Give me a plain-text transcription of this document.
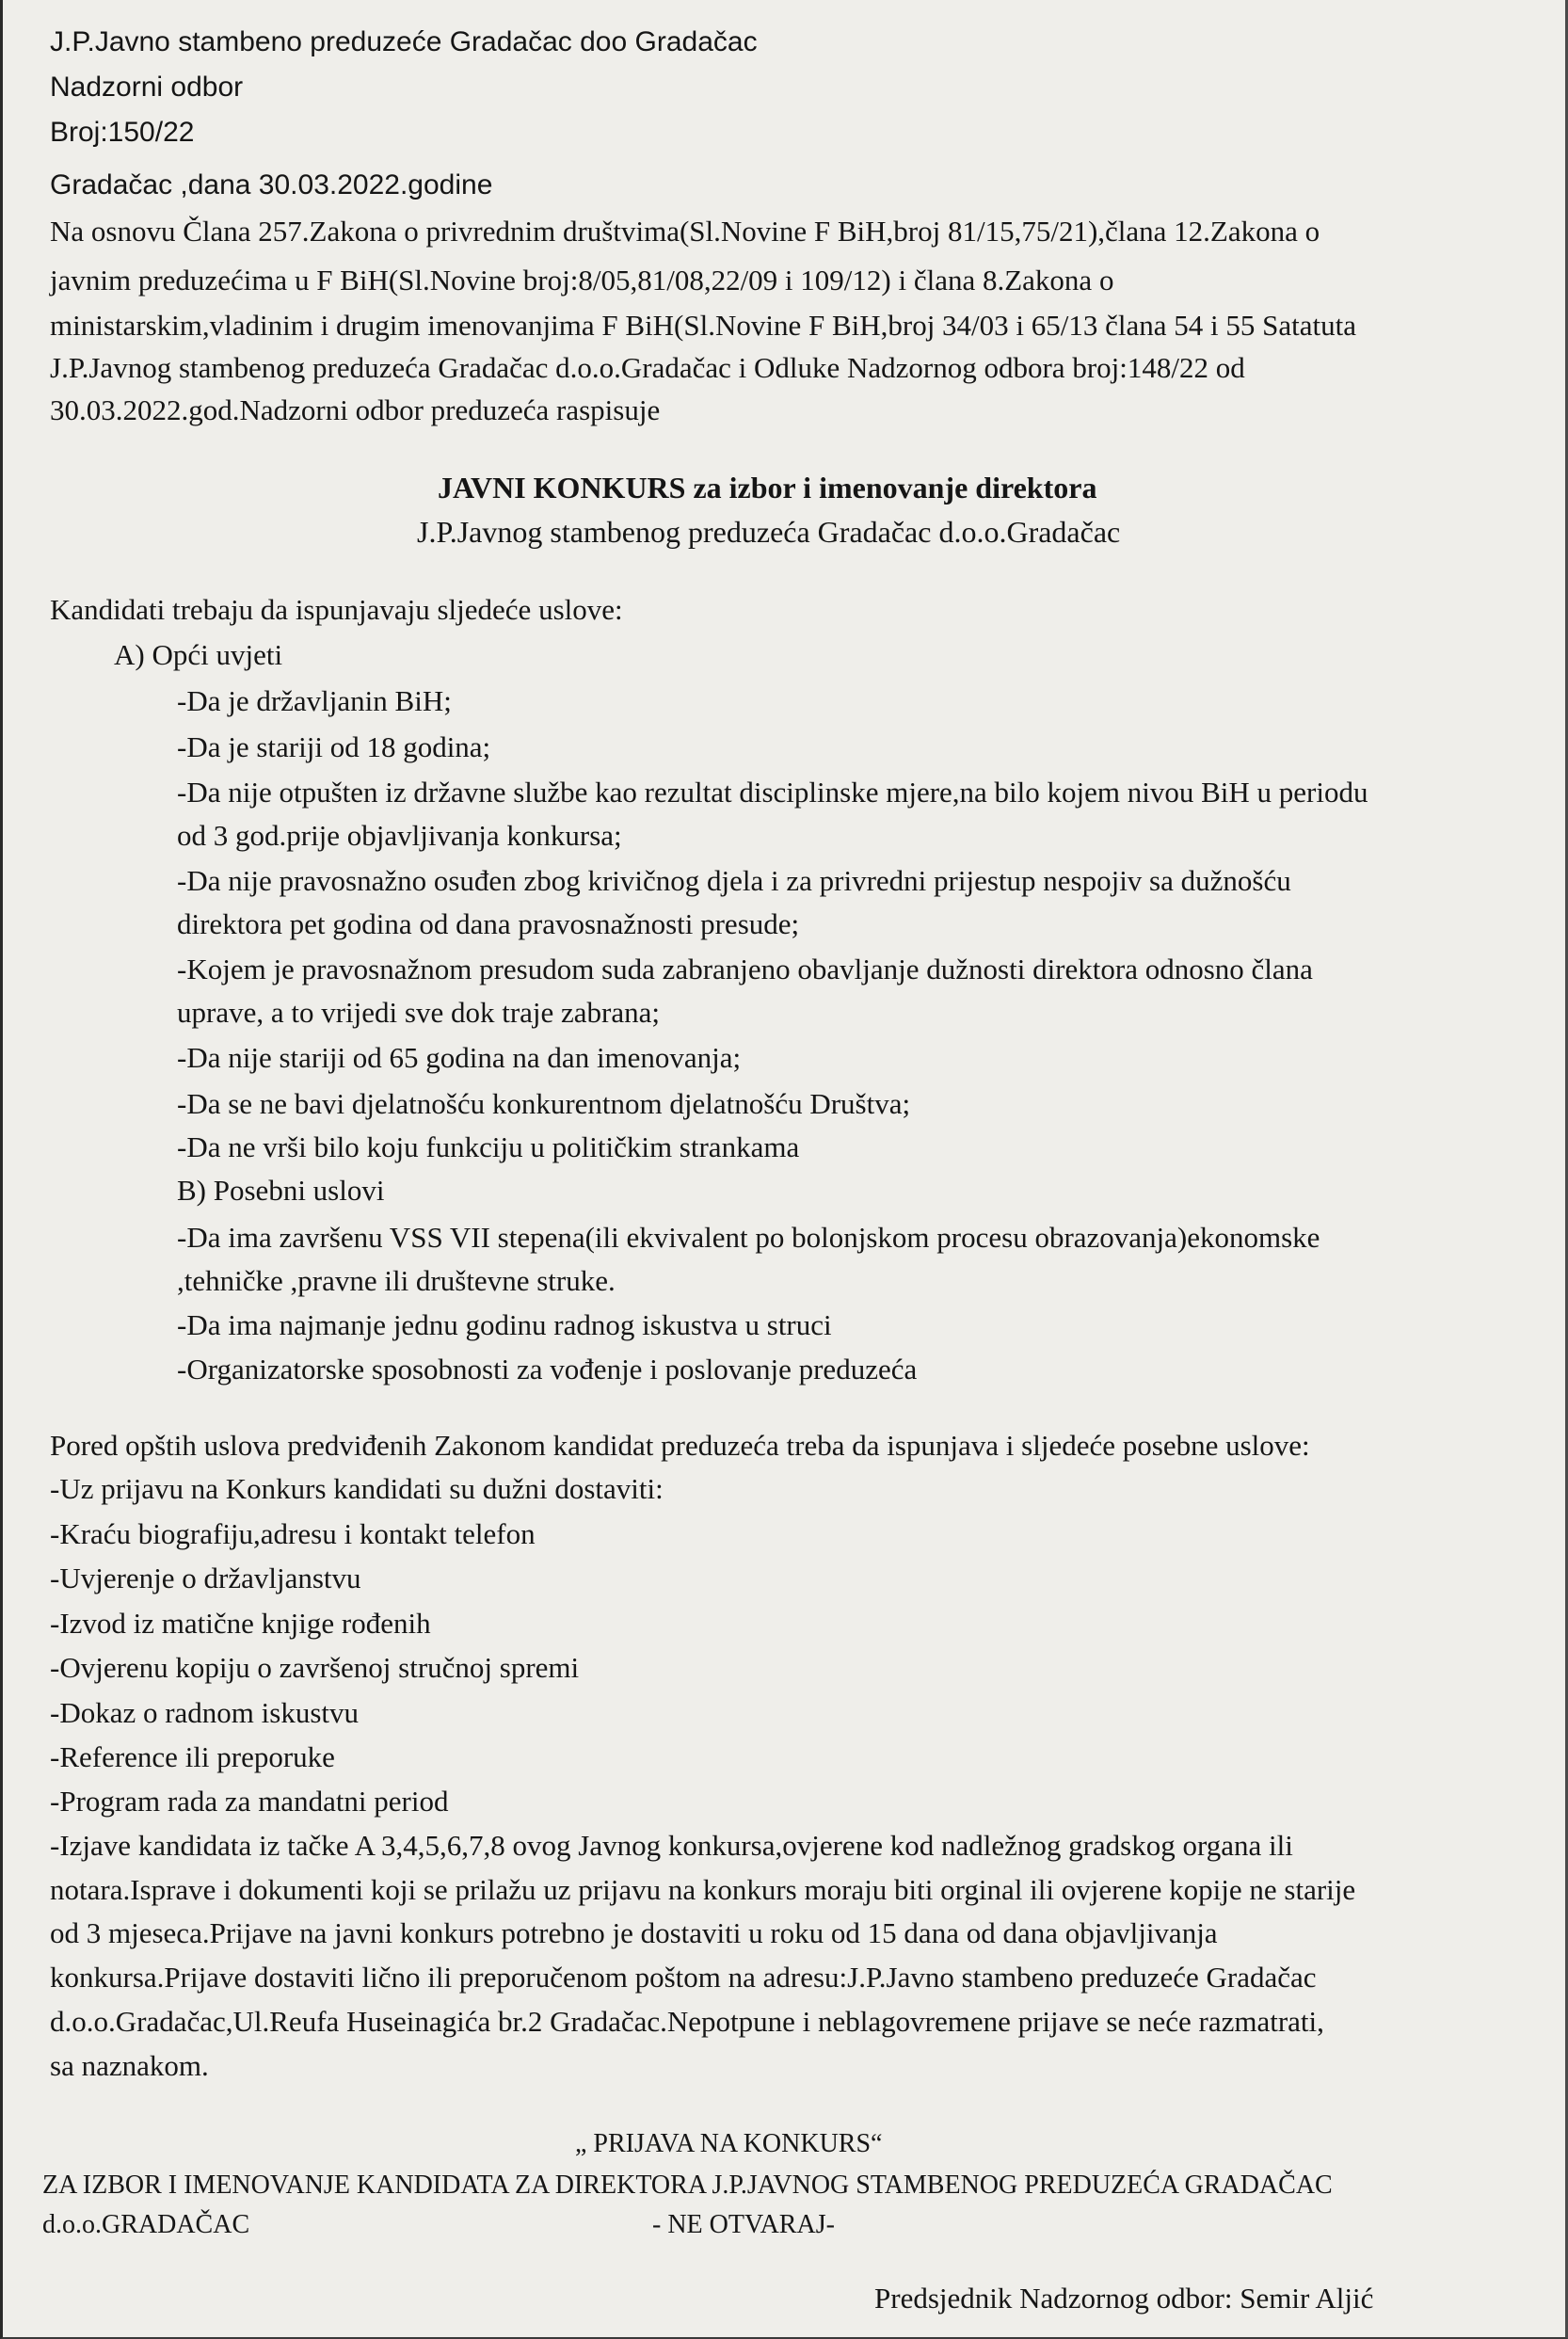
J.P.Javno stambeno preduzeće Gradačac doo Gradačac
Nadzorni odbor
Broj:150/22
Gradačac ,dana 30.03.2022.godine
Na osnovu Člana 257.Zakona o privrednim društvima(Sl.Novine F BiH,broj 81/15,75/21),člana 12.Zakona o
javnim preduzećima u F BiH(Sl.Novine broj:8/05,81/08,22/09 i 109/12) i člana 8.Zakona o
ministarskim,vladinim i drugim imenovanjima F BiH(Sl.Novine F BiH,broj 34/03 i 65/13 člana 54 i 55 Satatuta
J.P.Javnog stambenog preduzeća Gradačac d.o.o.Gradačac i Odluke Nadzornog odbora broj:148/22 od
30.03.2022.god.Nadzorni odbor preduzeća raspisuje
JAVNI KONKURS za izbor i imenovanje direktora
J.P.Javnog stambenog preduzeća Gradačac d.o.o.Gradačac
Kandidati trebaju da ispunjavaju sljedeće uslove:
A) Opći uvjeti
-Da je državljanin BiH;
-Da je stariji od 18 godina;
-Da nije otpušten iz državne službe kao rezultat disciplinske mjere,na bilo kojem nivou BiH u periodu
od 3 god.prije objavljivanja konkursa;
-Da nije pravosnažno osuđen zbog krivičnog djela i za privredni prijestup nespojiv sa dužnošću
direktora pet godina od dana pravosnažnosti presude;
-Kojem je pravosnažnom presudom suda zabranjeno obavljanje dužnosti direktora odnosno člana
uprave, a to vrijedi sve dok traje zabrana;
-Da nije stariji od 65 godina na dan imenovanja;
-Da se ne bavi djelatnošću konkurentnom djelatnošću Društva;
-Da ne vrši bilo koju funkciju u političkim strankama
B) Posebni uslovi
-Da ima završenu VSS VII stepena(ili ekvivalent po bolonjskom procesu obrazovanja)ekonomske
,tehničke ,pravne ili društevne struke.
-Da ima najmanje jednu godinu radnog iskustva u struci
-Organizatorske sposobnosti za vođenje i poslovanje preduzeća
Pored opštih uslova predviđenih Zakonom kandidat preduzeća treba da ispunjava i sljedeće posebne uslove:
-Uz prijavu na Konkurs kandidati su dužni dostaviti:
-Kraću biografiju,adresu i kontakt telefon
-Uvjerenje o državljanstvu
-Izvod iz matične knjige rođenih
-Ovjerenu kopiju o završenoj stručnoj spremi
-Dokaz o radnom iskustvu
-Reference ili preporuke
-Program rada za mandatni period
-Izjave kandidata iz tačke A 3,4,5,6,7,8 ovog Javnog konkursa,ovjerene kod nadležnog gradskog organa ili
notara.Isprave i dokumenti koji se prilažu uz prijavu na konkurs moraju biti orginal ili ovjerene kopije ne starije
od 3 mjeseca.Prijave na javni konkurs potrebno je dostaviti u roku od 15 dana od dana objavljivanja
konkursa.Prijave dostaviti lično ili preporučenom poštom na adresu:J.P.Javno stambeno preduzeće Gradačac
d.o.o.Gradačac,Ul.Reufa Huseinagića br.2 Gradačac.Nepotpune i neblagovremene prijave se neće razmatrati,
sa naznakom.
„ PRIJAVA NA KONKURS“
ZA IZBOR I IMENOVANJE KANDIDATA ZA DIREKTORA J.P.JAVNOG STAMBENOG PREDUZEĆA GRADAČAC
d.o.o.GRADAČAC	- NE OTVARAJ-
Predsjednik Nadzornog odbor: Semir Aljić
